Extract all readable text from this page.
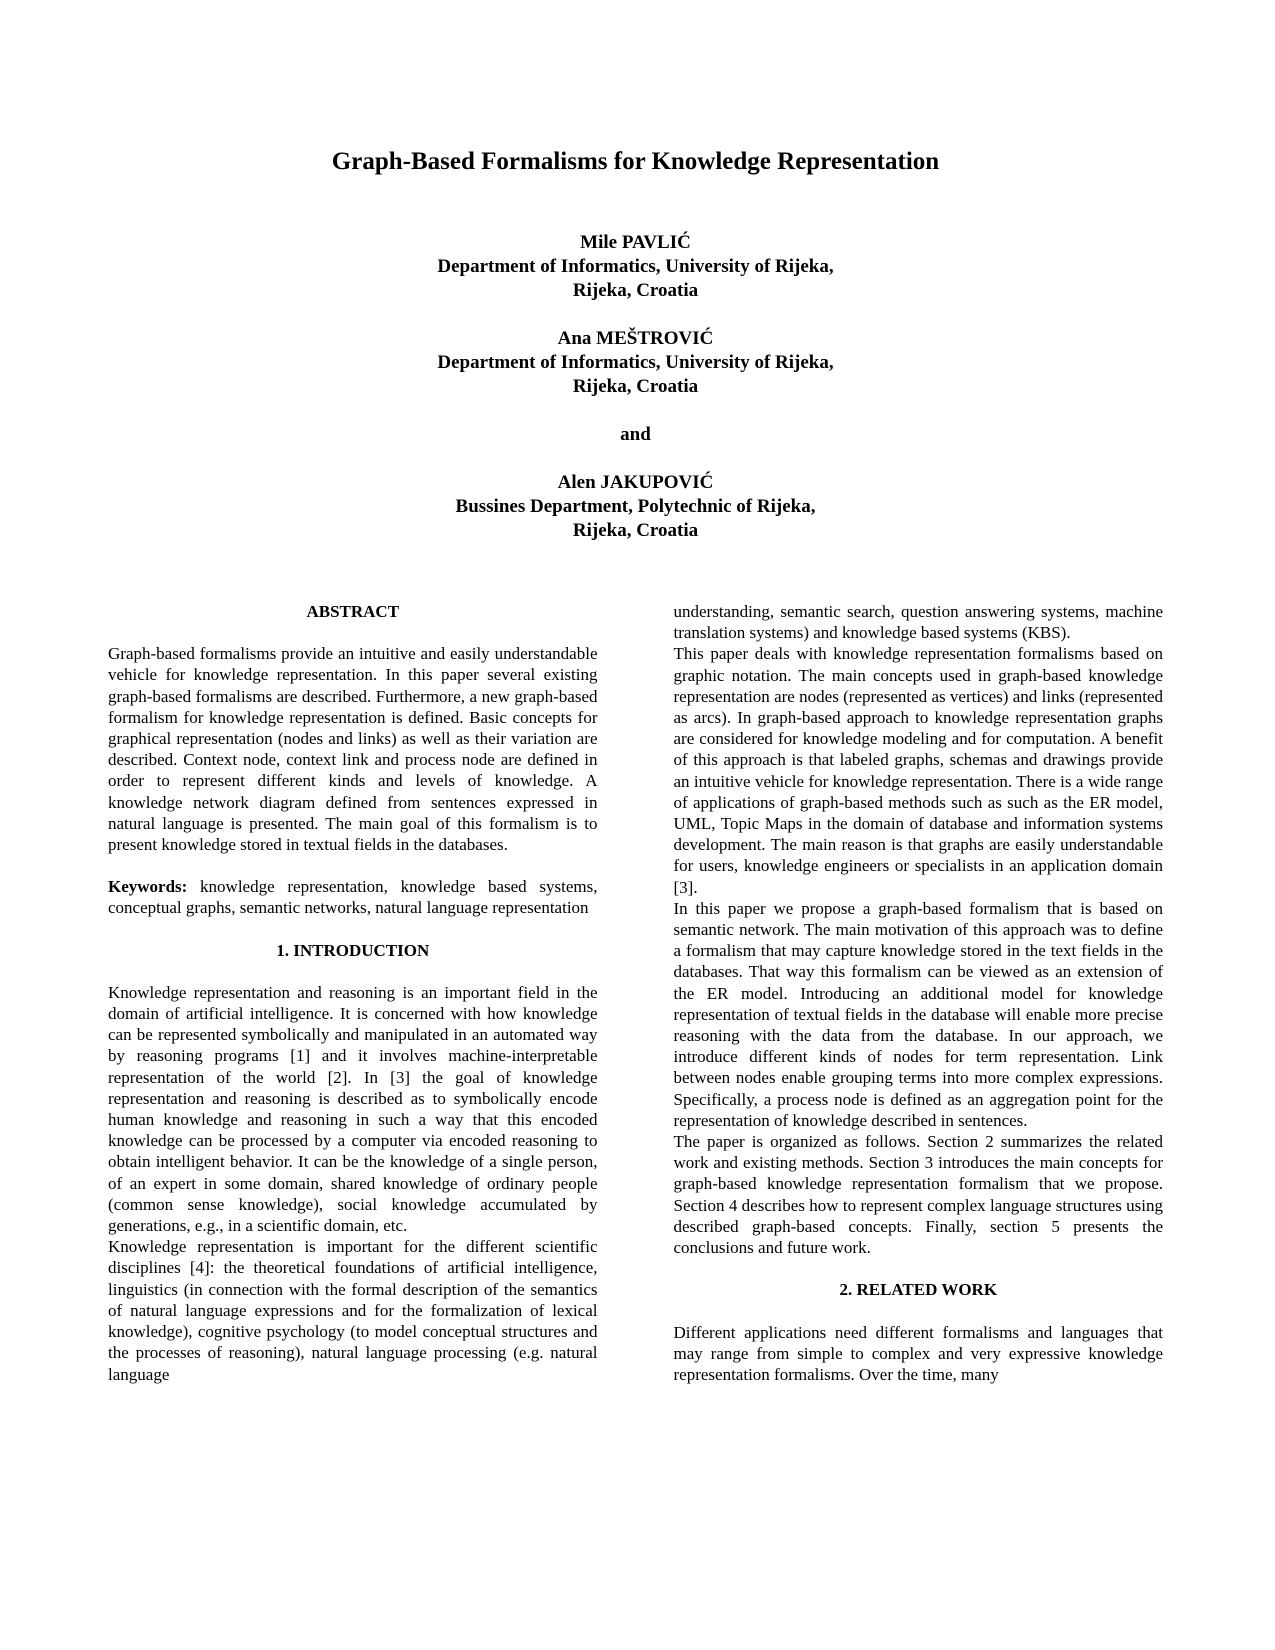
Graph-Based Formalisms for Knowledge Representation
Mile PAVLIĆ
Department of Informatics, University of Rijeka,
Rijeka, Croatia
Ana MEŠTROVIĆ
Department of Informatics, University of Rijeka,
Rijeka, Croatia
and
Alen JAKUPOVIĆ
Bussines Department, Polytechnic of Rijeka,
Rijeka, Croatia
ABSTRACT

Graph-based formalisms provide an intuitive and easily understandable vehicle for knowledge representation. In this paper several existing graph-based formalisms are described. Furthermore, a new graph-based formalism for knowledge representation is defined. Basic concepts for graphical representation (nodes and links) as well as their variation are described. Context node, context link and process node are defined in order to represent different kinds and levels of knowledge. A knowledge network diagram defined from sentences expressed in natural language is presented. The main goal of this formalism is to present knowledge stored in textual fields in the databases.

Keywords: knowledge representation, knowledge based systems, conceptual graphs, semantic networks, natural language representation

1. INTRODUCTION

Knowledge representation and reasoning is an important field in the domain of artificial intelligence. It is concerned with how knowledge can be represented symbolically and manipulated in an automated way by reasoning programs [1] and it involves machine-interpretable representation of the world [2]. In [3] the goal of knowledge representation and reasoning is described as to symbolically encode human knowledge and reasoning in such a way that this encoded knowledge can be processed by a computer via encoded reasoning to obtain intelligent behavior. It can be the knowledge of a single person, of an expert in some domain, shared knowledge of ordinary people (common sense knowledge), social knowledge accumulated by generations, e.g., in a scientific domain, etc.

Knowledge representation is important for the different scientific disciplines [4]: the theoretical foundations of artificial intelligence, linguistics (in connection with the formal description of the semantics of natural language expressions and for the formalization of lexical knowledge), cognitive psychology (to model conceptual structures and the processes of reasoning), natural language processing (e.g. natural language

understanding, semantic search, question answering systems, machine translation systems) and knowledge based systems (KBS).

This paper deals with knowledge representation formalisms based on graphic notation. The main concepts used in graph-based knowledge representation are nodes (represented as vertices) and links (represented as arcs). In graph-based approach to knowledge representation graphs are considered for knowledge modeling and for computation. A benefit of this approach is that labeled graphs, schemas and drawings provide an intuitive vehicle for knowledge representation. There is a wide range of applications of graph-based methods such as such as the ER model, UML, Topic Maps in the domain of database and information systems development. The main reason is that graphs are easily understandable for users, knowledge engineers or specialists in an application domain [3].

In this paper we propose a graph-based formalism that is based on semantic network. The main motivation of this approach was to define a formalism that may capture knowledge stored in the text fields in the databases. That way this formalism can be viewed as an extension of the ER model. Introducing an additional model for knowledge representation of textual fields in the database will enable more precise reasoning with the data from the database. In our approach, we introduce different kinds of nodes for term representation. Link between nodes enable grouping terms into more complex expressions. Specifically, a process node is defined as an aggregation point for the representation of knowledge described in sentences.

The paper is organized as follows. Section 2 summarizes the related work and existing methods. Section 3 introduces the main concepts for graph-based knowledge representation formalism that we propose. Section 4 describes how to represent complex language structures using described graph-based concepts. Finally, section 5 presents the conclusions and future work.

2. RELATED WORK

Different applications need different formalisms and languages that may range from simple to complex and very expressive knowledge representation formalisms. Over the time, many
